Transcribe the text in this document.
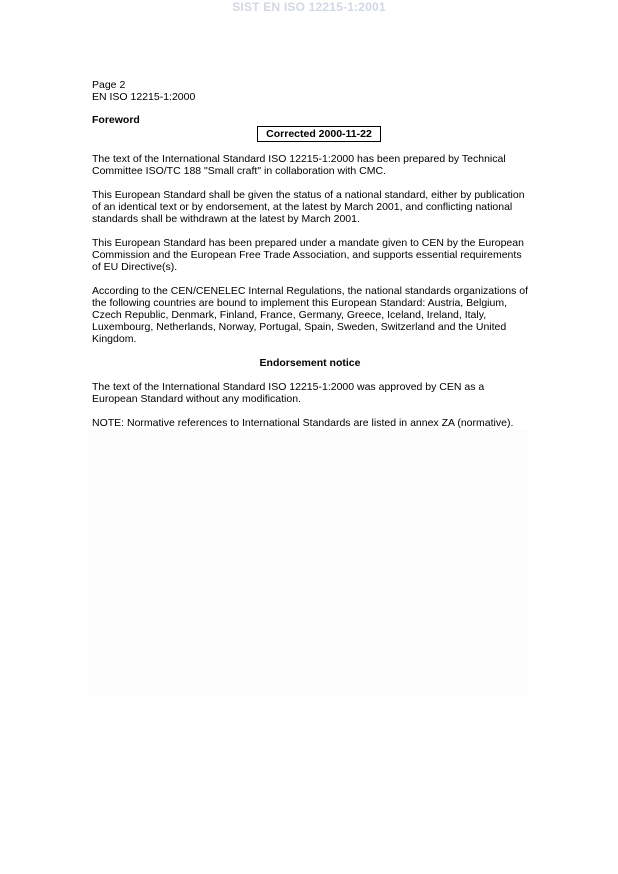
SIST EN ISO 12215-1:2001
Page 2
EN ISO 12215-1:2000
Foreword
Corrected 2000-11-22
The text of the International Standard ISO 12215-1:2000 has been prepared by Technical
Committee ISO/TC 188 "Small craft" in collaboration with CMC.
This European Standard shall be given the status of a national standard, either by publication
of an identical text or by endorsement, at the latest by March 2001, and conflicting national
standards shall be withdrawn at the latest by March 2001.
This European Standard has been prepared under a mandate given to CEN by the European
Commission and the European Free Trade Association, and supports essential requirements
of EU Directive(s).
According to the CEN/CENELEC Internal Regulations, the national standards organizations of
the following countries are bound to implement this European Standard: Austria, Belgium,
Czech Republic, Denmark, Finland, France, Germany, Greece, Iceland, Ireland, Italy,
Luxembourg, Netherlands, Norway, Portugal, Spain, Sweden, Switzerland and the United
Kingdom.
Endorsement notice
The text of the International Standard ISO 12215-1:2000 was approved by CEN as a
European Standard without any modification.
NOTE: Normative references to International Standards are listed in annex ZA (normative).
